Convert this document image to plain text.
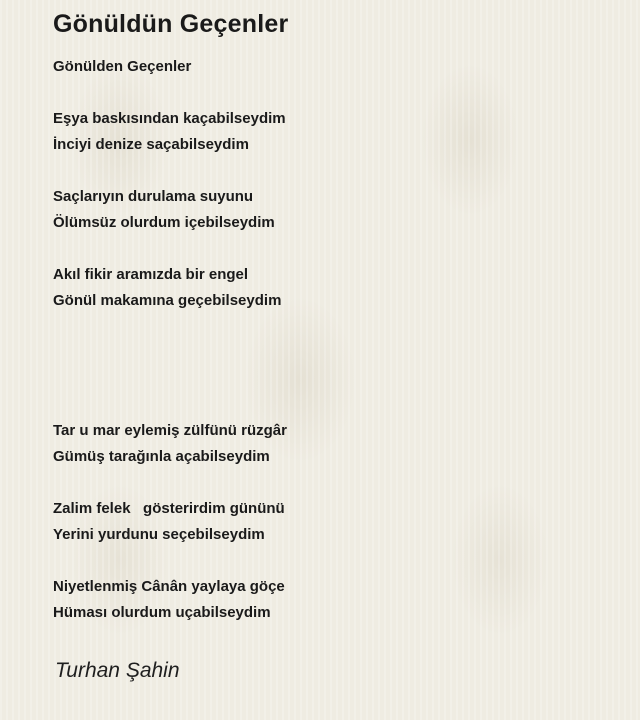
Gönüldün Geçenler
Gönülden Geçenler
Eşya baskısından kaçabilseydim
İnciyi denize saçabilseydim
Saçlarıyın durulama suyunu
Ölümsüz olurdum içebilseydim
Akıl fikir aramızda bir engel
Gönül makamına geçebilseydim
Tar u mar eylemiş zülfünü rüzgâr
Gümüş tarağınla açabilseydim
Zalim felek   gösterirdim gününü
Yerini yurdunu seçebilseydim
Niyetlenmiş Cânân yaylaya göçe
Hüması olurdum uçabilseydim
Turhan Şahin
